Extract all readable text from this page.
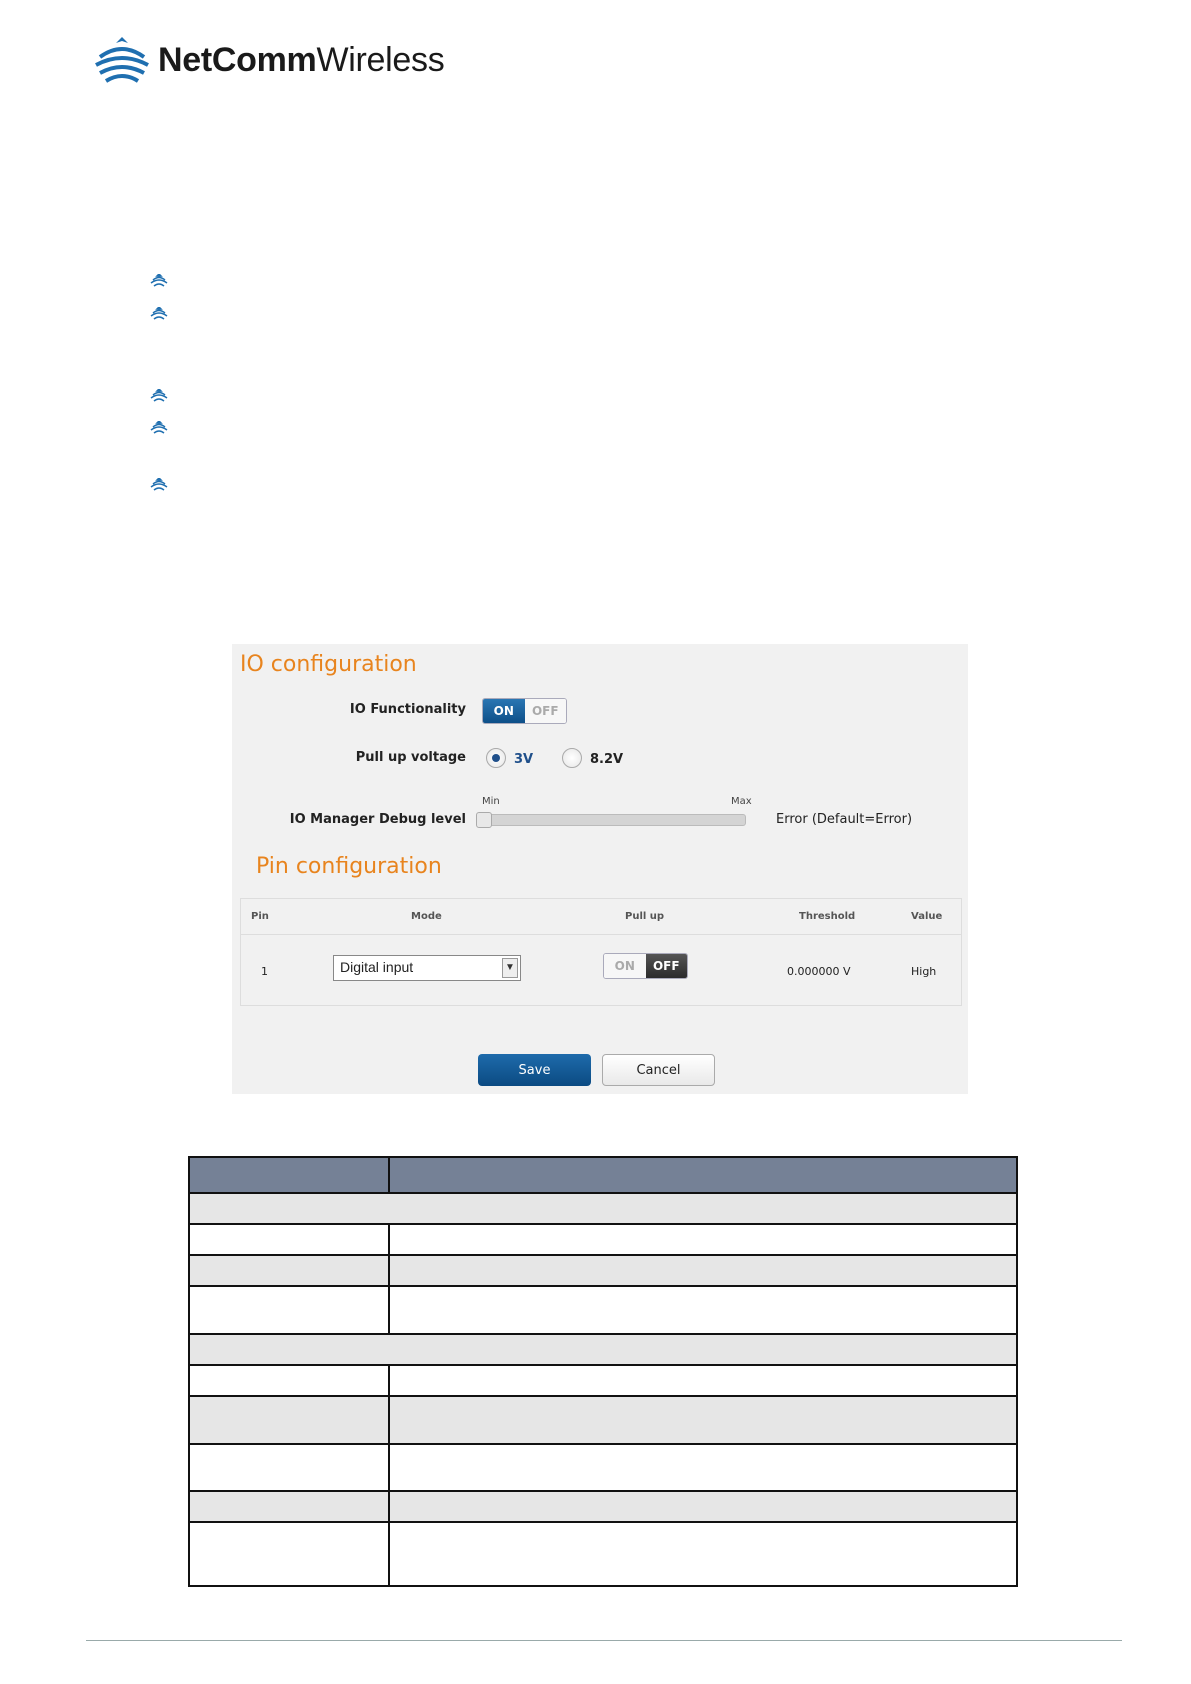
NetCommWireless
IO configuration
IO Functionality	ON	OFF
Pull up voltage	3V	8.2V
Min	Max
IO Manager Debug level	Error (Default=Error)
Pin configuration
Pin	Mode	Pull up	Threshold	Value
1	Digital input	▼	ON	OFF	0.000000 V	High
Save	Cancel
